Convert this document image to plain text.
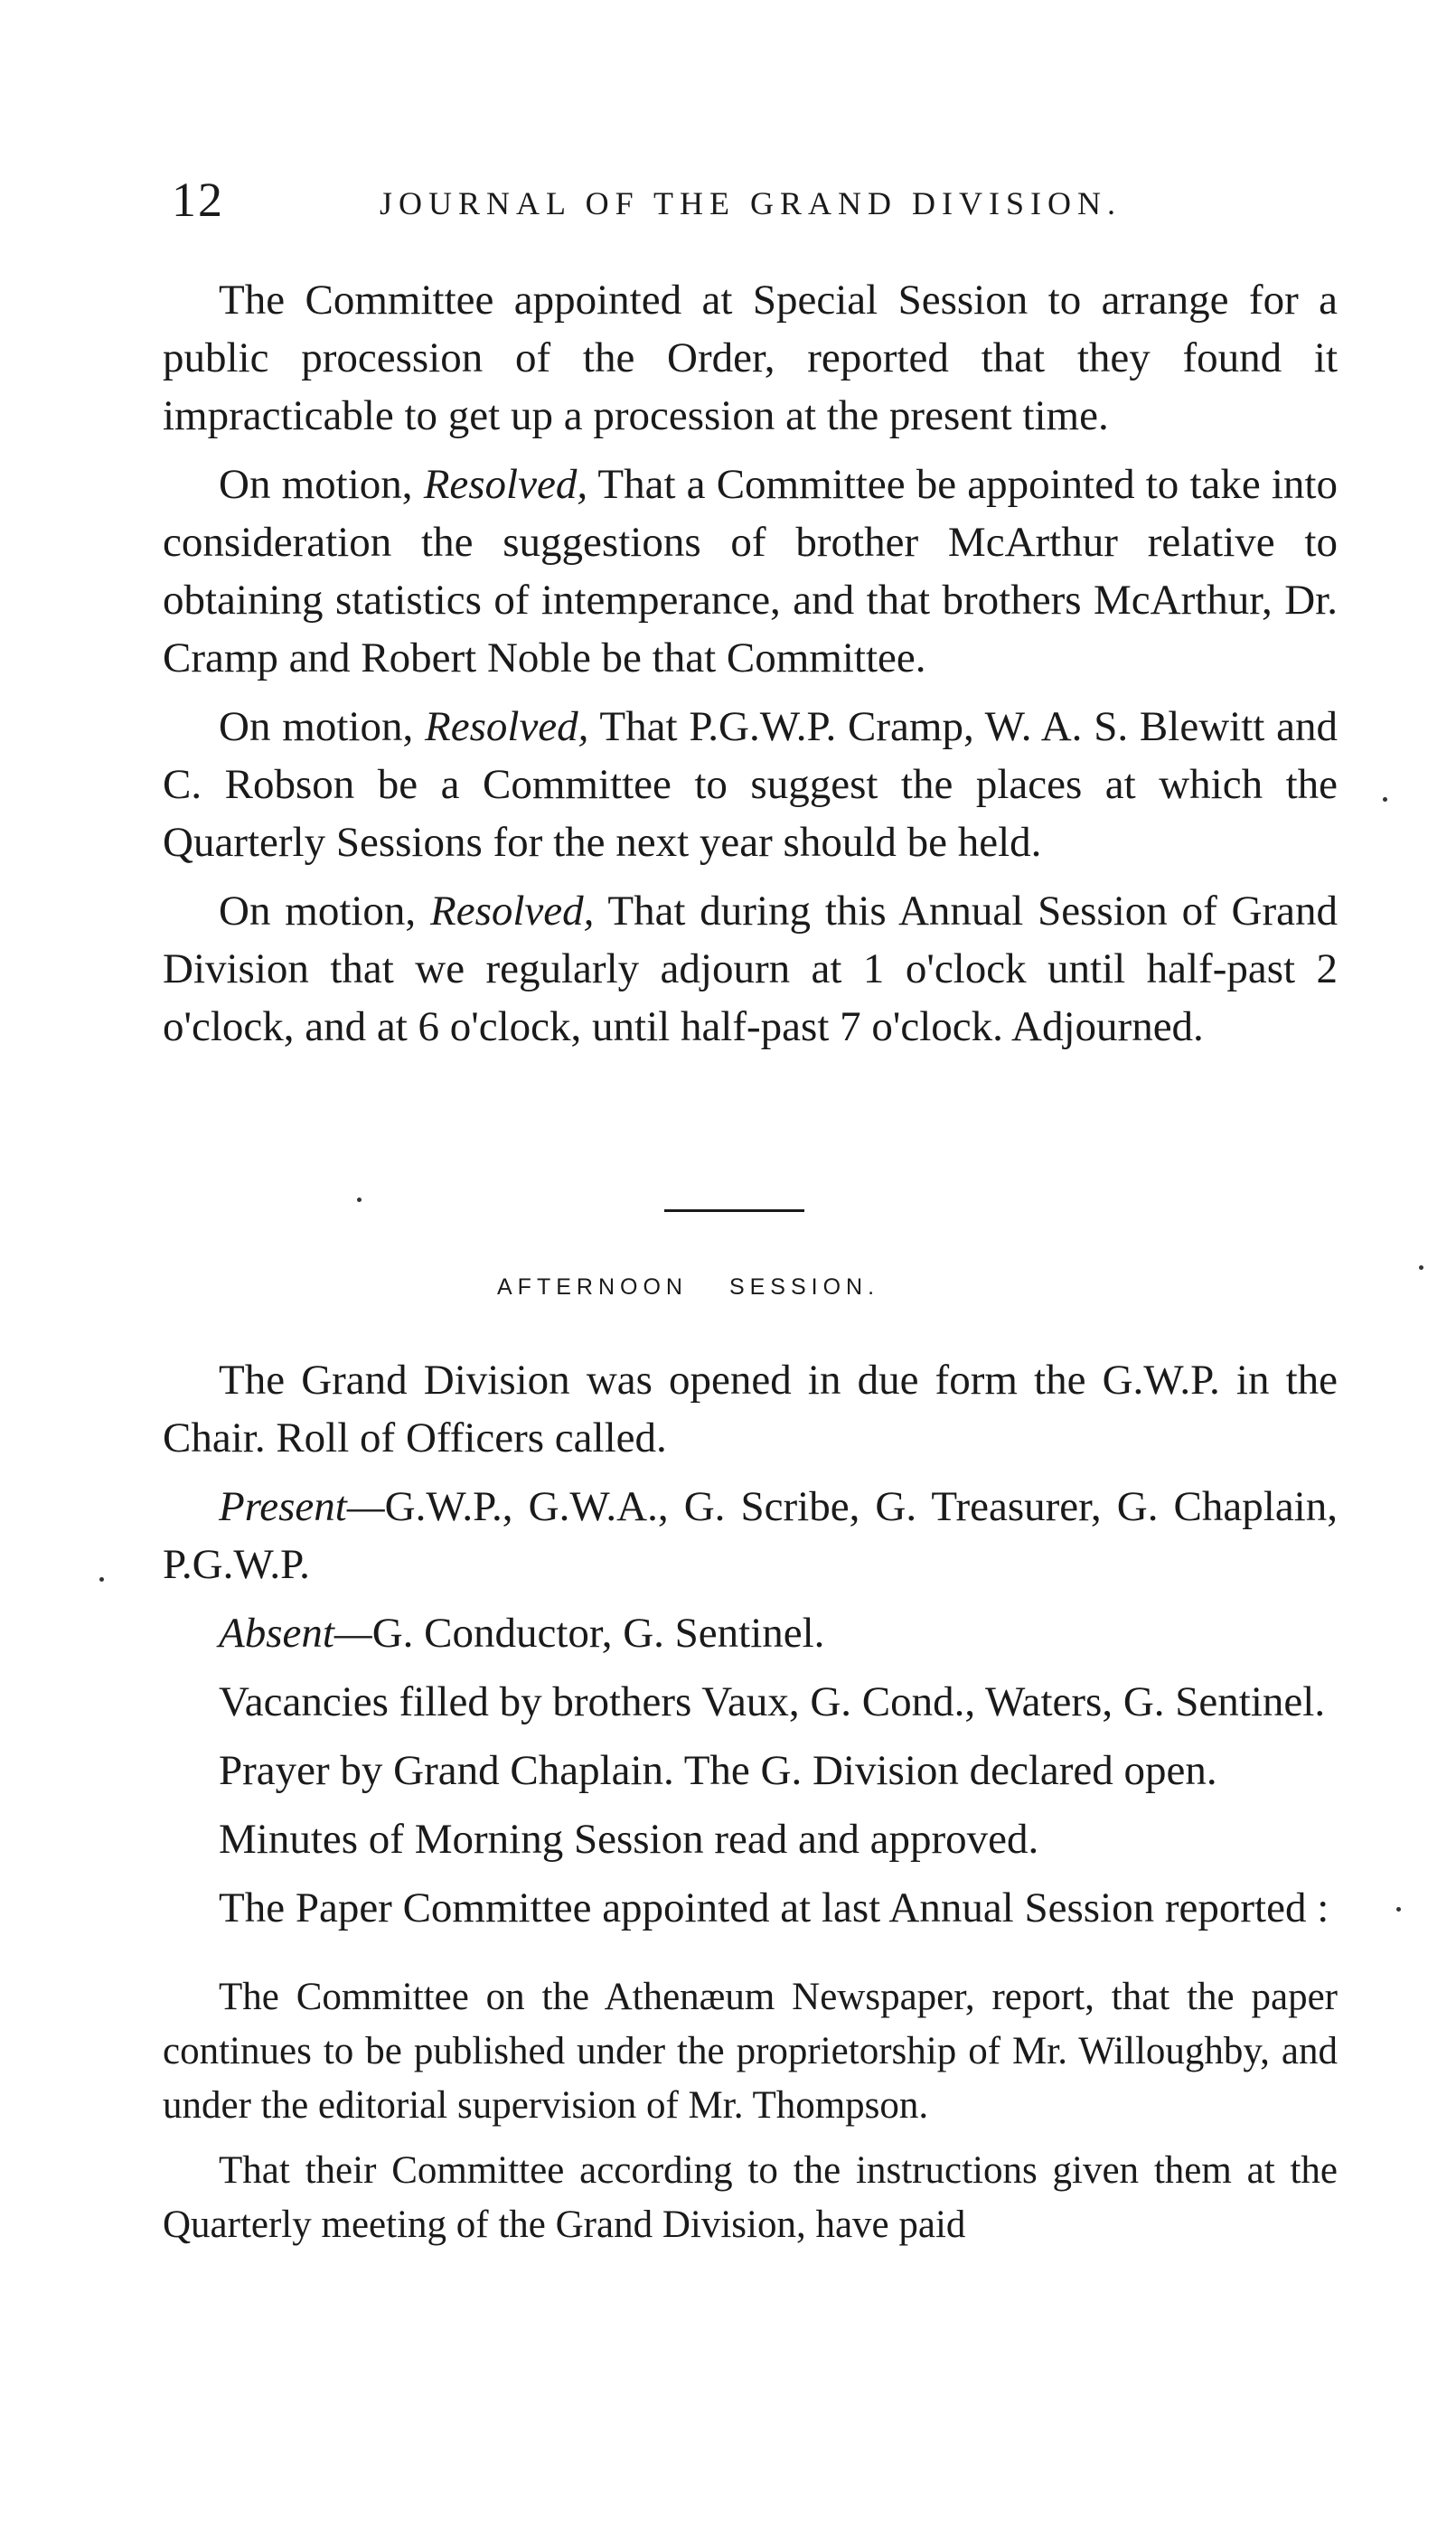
12	JOURNAL OF THE GRAND DIVISION.

The Committee appointed at Special Session to arrange for a public procession of the Order, reported that they found it impracticable to get up a procession at the present time.

On motion, Resolved, That a Committee be appointed to take into consideration the suggestions of brother McArthur relative to obtaining statistics of intemperance, and that brothers McArthur, Dr. Cramp and Robert Noble be that Committee.

On motion, Resolved, That P.G.W.P. Cramp, W. A. S. Blewitt and C. Robson be a Committee to suggest the places at which the Quarterly Sessions for the next year should be held.

On motion, Resolved, That during this Annual Session of Grand Division that we regularly adjourn at 1 o'clock until half-past 2 o'clock, and at 6 o'clock, until half-past 7 o'clock. Adjourned.

AFTERNOON SESSION.

The Grand Division was opened in due form the G.W.P. in the Chair. Roll of Officers called.

Present—G.W.P., G.W.A., G. Scribe, G. Treasurer, G. Chaplain, P.G.W.P.

Absent—G. Conductor, G. Sentinel.

Vacancies filled by brothers Vaux, G. Cond., Waters, G. Sentinel.

Prayer by Grand Chaplain. The G. Division declared open.

Minutes of Morning Session read and approved.

The Paper Committee appointed at last Annual Session reported :

The Committee on the Athenæum Newspaper, report, that the paper continues to be published under the proprietorship of Mr. Willoughby, and under the editorial supervision of Mr. Thompson.

That their Committee according to the instructions given them at the Quarterly meeting of the Grand Division, have paid
